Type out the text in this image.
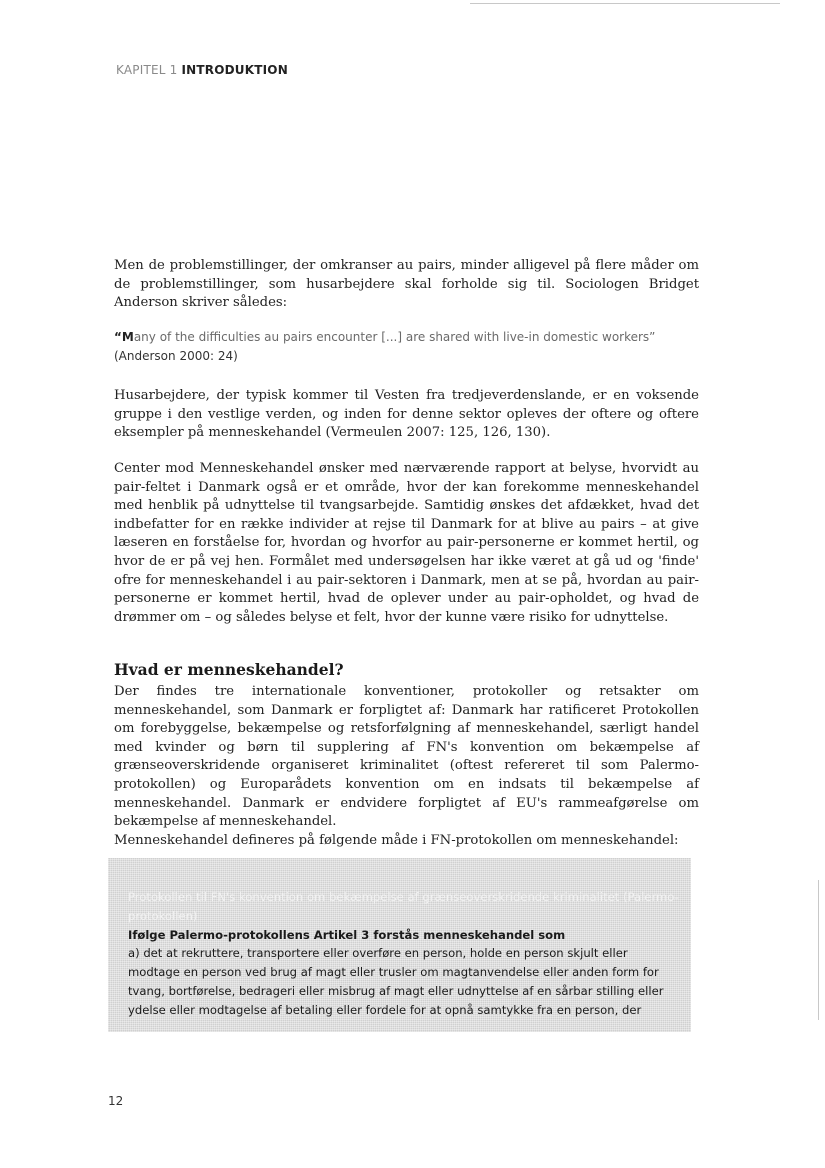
KAPITEL 1 INTRODUKTION

Men de problemstillinger, der omkranser au pairs, minder alligevel på flere måder om de problemstillinger, som husarbejdere skal forholde sig til. Sociologen Bridget Anderson skriver således:

“Many of the difficulties au pairs encounter [...] are shared with live-in domestic workers”
(Anderson 2000: 24)

Husarbejdere, der typisk kommer til Vesten fra tredjeverdenslande, er en voksende gruppe i den vestlige verden, og inden for denne sektor opleves der oftere og oftere eksempler på menneskehandel (Vermeulen 2007: 125, 126, 130).

Center mod Menneskehandel ønsker med nærværende rapport at belyse, hvorvidt au pair-feltet i Danmark også er et område, hvor der kan forekomme menneskehandel med henblik på udnyttelse til tvangsarbejde. Samtidig ønskes det afdækket, hvad det indbefatter for en række individer at rejse til Danmark for at blive au pairs – at give læseren en forståelse for, hvordan og hvorfor au pair-personerne er kommet hertil, og hvor de er på vej hen. Formålet med undersøgelsen har ikke været at gå ud og 'finde' ofre for menneskehandel i au pair-sektoren i Danmark, men at se på, hvordan au pair-personerne er kommet hertil, hvad de oplever under au pair-opholdet, og hvad de drømmer om – og således belyse et felt, hvor der kunne være risiko for udnyttelse.

Hvad er menneskehandel?

Der findes tre internationale konventioner, protokoller og retsakter om menneskehandel, som Danmark er forpligtet af: Danmark har ratificeret Protokollen om forebyggelse, bekæmpelse og retsforfølgning af menneskehandel, særligt handel med kvinder og børn til supplering af FN's konvention om bekæmpelse af grænseoverskridende organiseret kriminalitet (oftest refereret til som Palermo-protokollen) og Europarådets konvention om en indsats til bekæmpelse af menneskehandel. Danmark er endvidere forpligtet af EU's rammeafgørelse om bekæmpelse af menneskehandel.

Menneskehandel defineres på følgende måde i FN-protokollen om menneskehandel:

Protokollen til FN's konvention om bekæmpelse af grænseoverskridende kriminalitet (Palermo-protokollen)

Ifølge Palermo-protokollens Artikel 3 forstås menneskehandel som

a) det at rekruttere, transportere eller overføre en person, holde en person skjult eller modtage en person ved brug af magt eller trusler om magtanvendelse eller anden form for tvang, bortførelse, bedrageri eller misbrug af magt eller udnyttelse af en sårbar stilling eller ydelse eller modtagelse af betaling eller fordele for at opnå samtykke fra en person, der

12
